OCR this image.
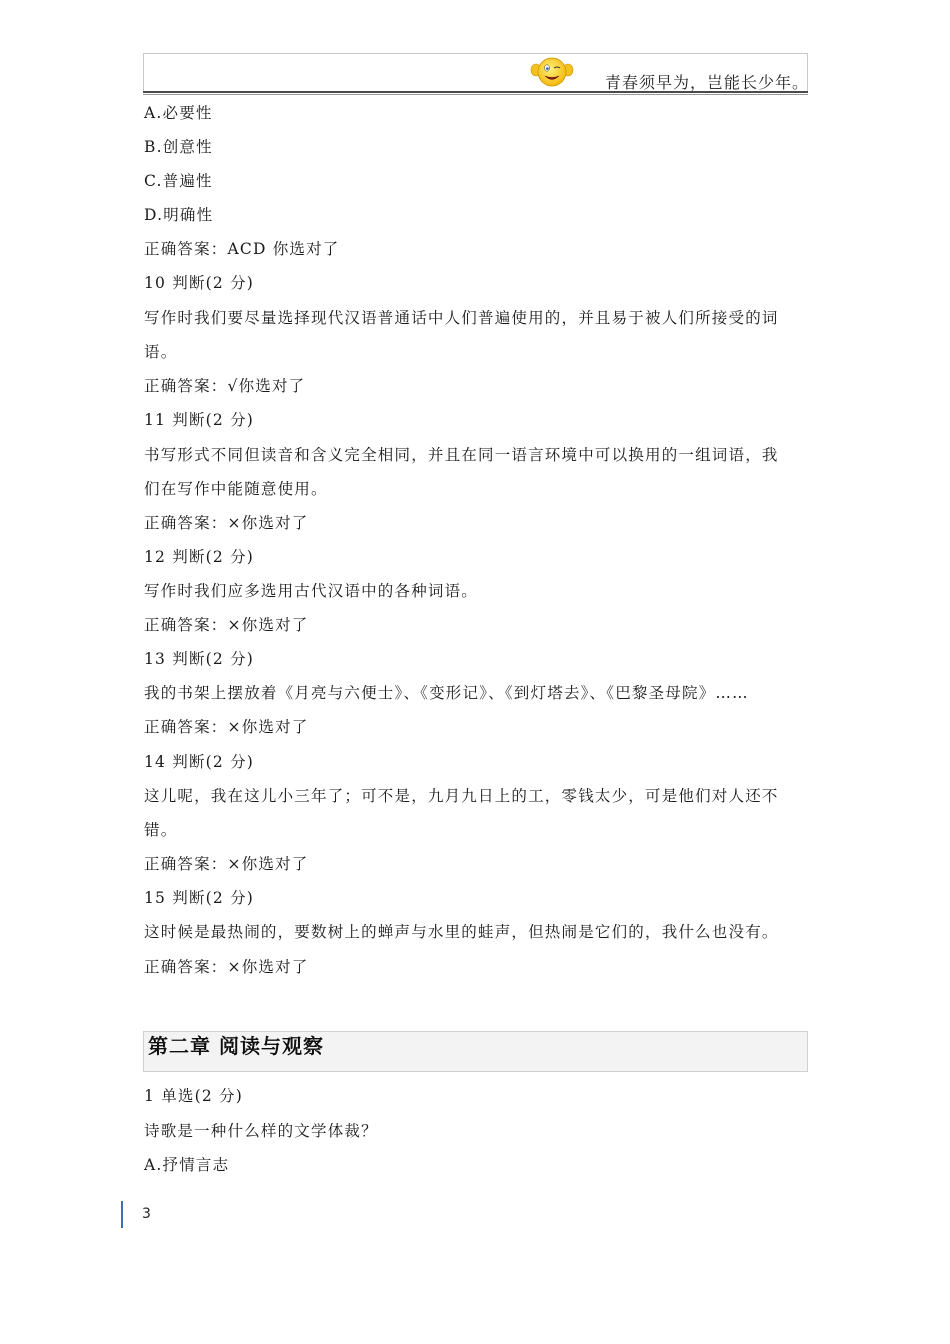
青春须早为，岂能长少年。
A.必要性
B.创意性
C.普遍性
D.明确性
正确答案：ACD 你选对了
10 判断(2 分)
写作时我们要尽量选择现代汉语普通话中人们普遍使用的，并且易于被人们所接受的词
语。
正确答案：√你选对了
11 判断(2 分)
书写形式不同但读音和含义完全相同，并且在同一语言环境中可以换用的一组词语，我
们在写作中能随意使用。
正确答案：×你选对了
12 判断(2 分)
写作时我们应多选用古代汉语中的各种词语。
正确答案：×你选对了
13 判断(2 分)
我的书架上摆放着《月亮与六便士》、《变形记》、《到灯塔去》、《巴黎圣母院》……
正确答案：×你选对了
14 判断(2 分)
这儿呢，我在这儿小三年了；可不是，九月九日上的工，零钱太少，可是他们对人还不
错。
正确答案：×你选对了
15 判断(2 分)
这时候是最热闹的，要数树上的蝉声与水里的蛙声，但热闹是它们的，我什么也没有。
正确答案：×你选对了
第二章 阅读与观察
1 单选(2 分)
诗歌是一种什么样的文学体裁？
A.抒情言志
3
